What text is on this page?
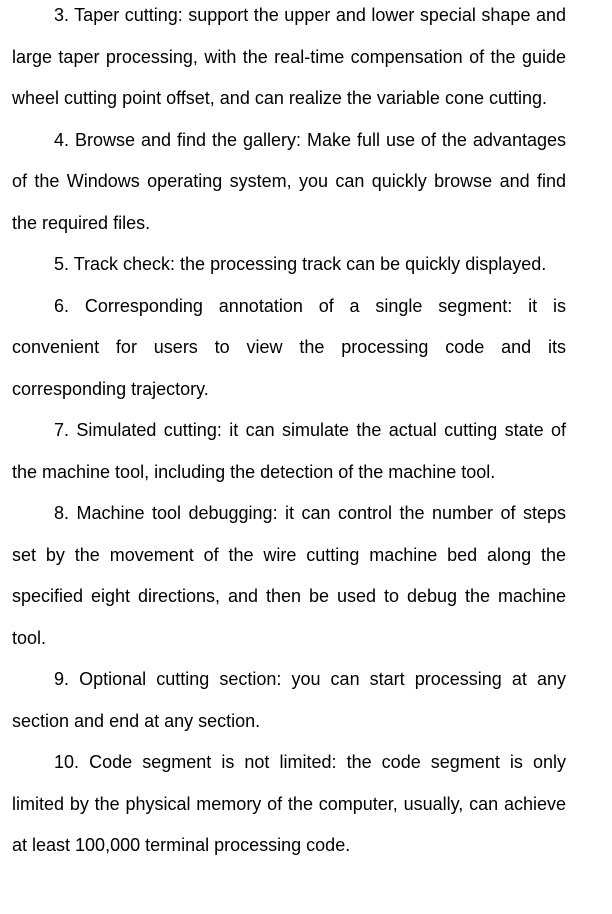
3. Taper cutting: support the upper and lower special shape and large taper processing, with the real-time compensation of the guide wheel cutting point offset, and can realize the variable cone cutting.

4. Browse and find the gallery: Make full use of the advantages of the Windows operating system, you can quickly browse and find the required files.

5. Track check: the processing track can be quickly displayed.

6. Corresponding annotation of a single segment: it is convenient for users to view the processing code and its corresponding trajectory.

7. Simulated cutting: it can simulate the actual cutting state of the machine tool, including the detection of the machine tool.

8. Machine tool debugging: it can control the number of steps set by the movement of the wire cutting machine bed along the specified eight directions, and then be used to debug the machine tool.

9. Optional cutting section: you can start processing at any section and end at any section.

10. Code segment is not limited: the code segment is only limited by the physical memory of the computer, usually, can achieve at least 100,000 terminal processing code.
